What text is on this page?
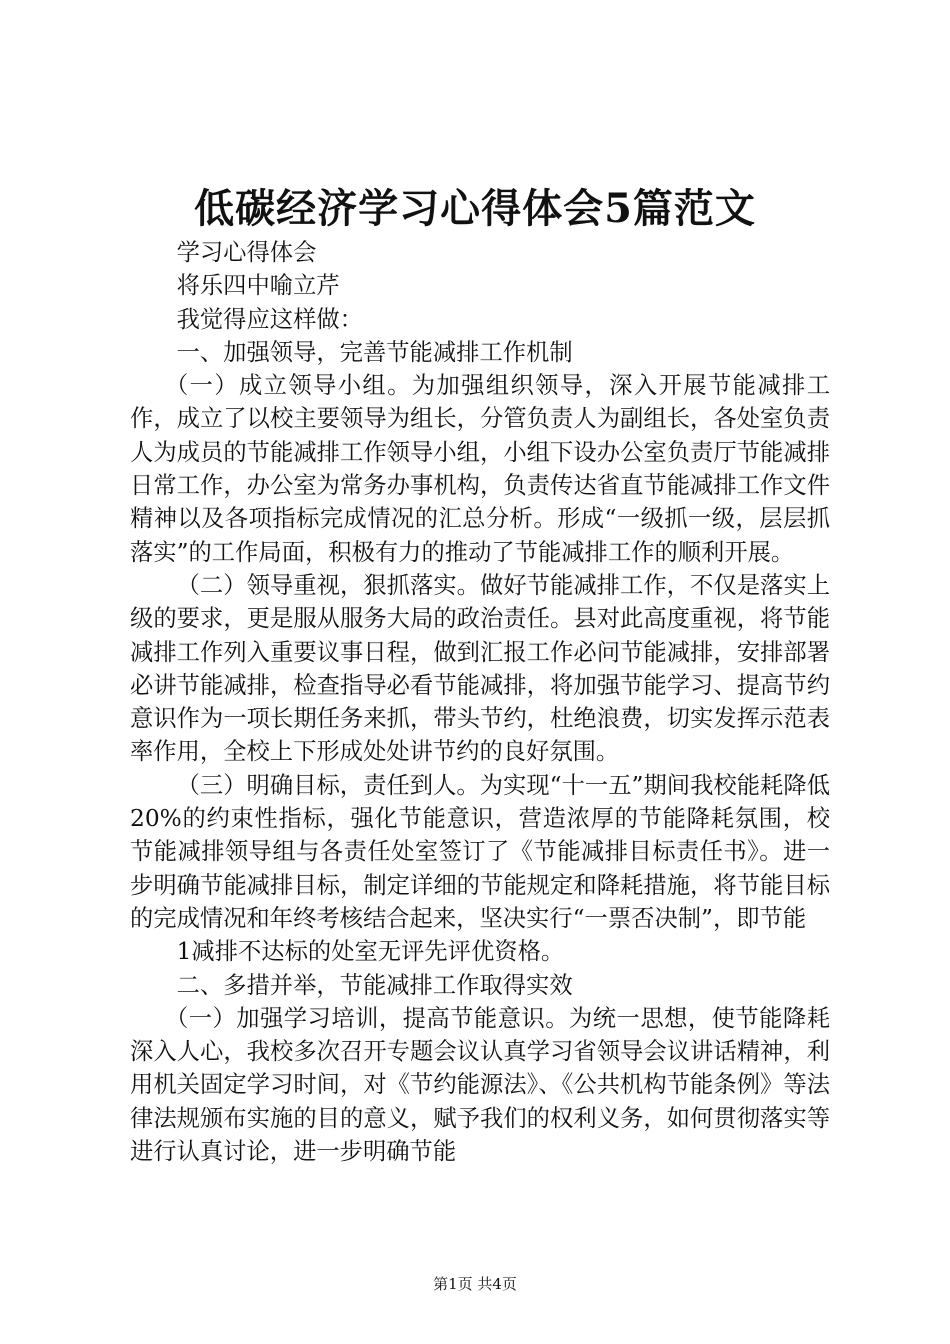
低碳经济学习心得体会5篇范文

学习心得体会

将乐四中喻立芹

我觉得应这样做：

一、加强领导，完善节能减排工作机制

（一）成立领导小组。为加强组织领导，深入开展节能减排工作，成立了以校主要领导为组长，分管负责人为副组长，各处室负责人为成员的节能减排工作领导小组，小组下设办公室负责厅节能减排日常工作，办公室为常务办事机构，负责传达省直节能减排工作文件精神以及各项指标完成情况的汇总分析。形成“一级抓一级，层层抓落实”的工作局面，积极有力的推动了节能减排工作的顺利开展。

（二）领导重视，狠抓落实。做好节能减排工作，不仅是落实上级的要求，更是服从服务大局的政治责任。县对此高度重视，将节能减排工作列入重要议事日程，做到汇报工作必问节能减排，安排部署必讲节能减排，检查指导必看节能减排，将加强节能学习、提高节约意识作为一项长期任务来抓，带头节约，杜绝浪费，切实发挥示范表率作用，全校上下形成处处讲节约的良好氛围。

（三）明确目标，责任到人。为实现“十一五”期间我校能耗降低20%的约束性指标，强化节能意识，营造浓厚的节能降耗氛围，校节能减排领导组与各责任处室签订了《节能减排目标责任书》。进一步明确节能减排目标，制定详细的节能规定和降耗措施，将节能目标的完成情况和年终考核结合起来，坚决实行“一票否决制”，即节能

1减排不达标的处室无评先评优资格。

二、多措并举，节能减排工作取得实效

（一）加强学习培训，提高节能意识。为统一思想，使节能降耗深入人心，我校多次召开专题会议认真学习省领导会议讲话精神，利用机关固定学习时间，对《节约能源法》、《公共机构节能条例》等法律法规颁布实施的目的意义，赋予我们的权利义务，如何贯彻落实等进行认真讨论，进一步明确节能

第1页 共4页
